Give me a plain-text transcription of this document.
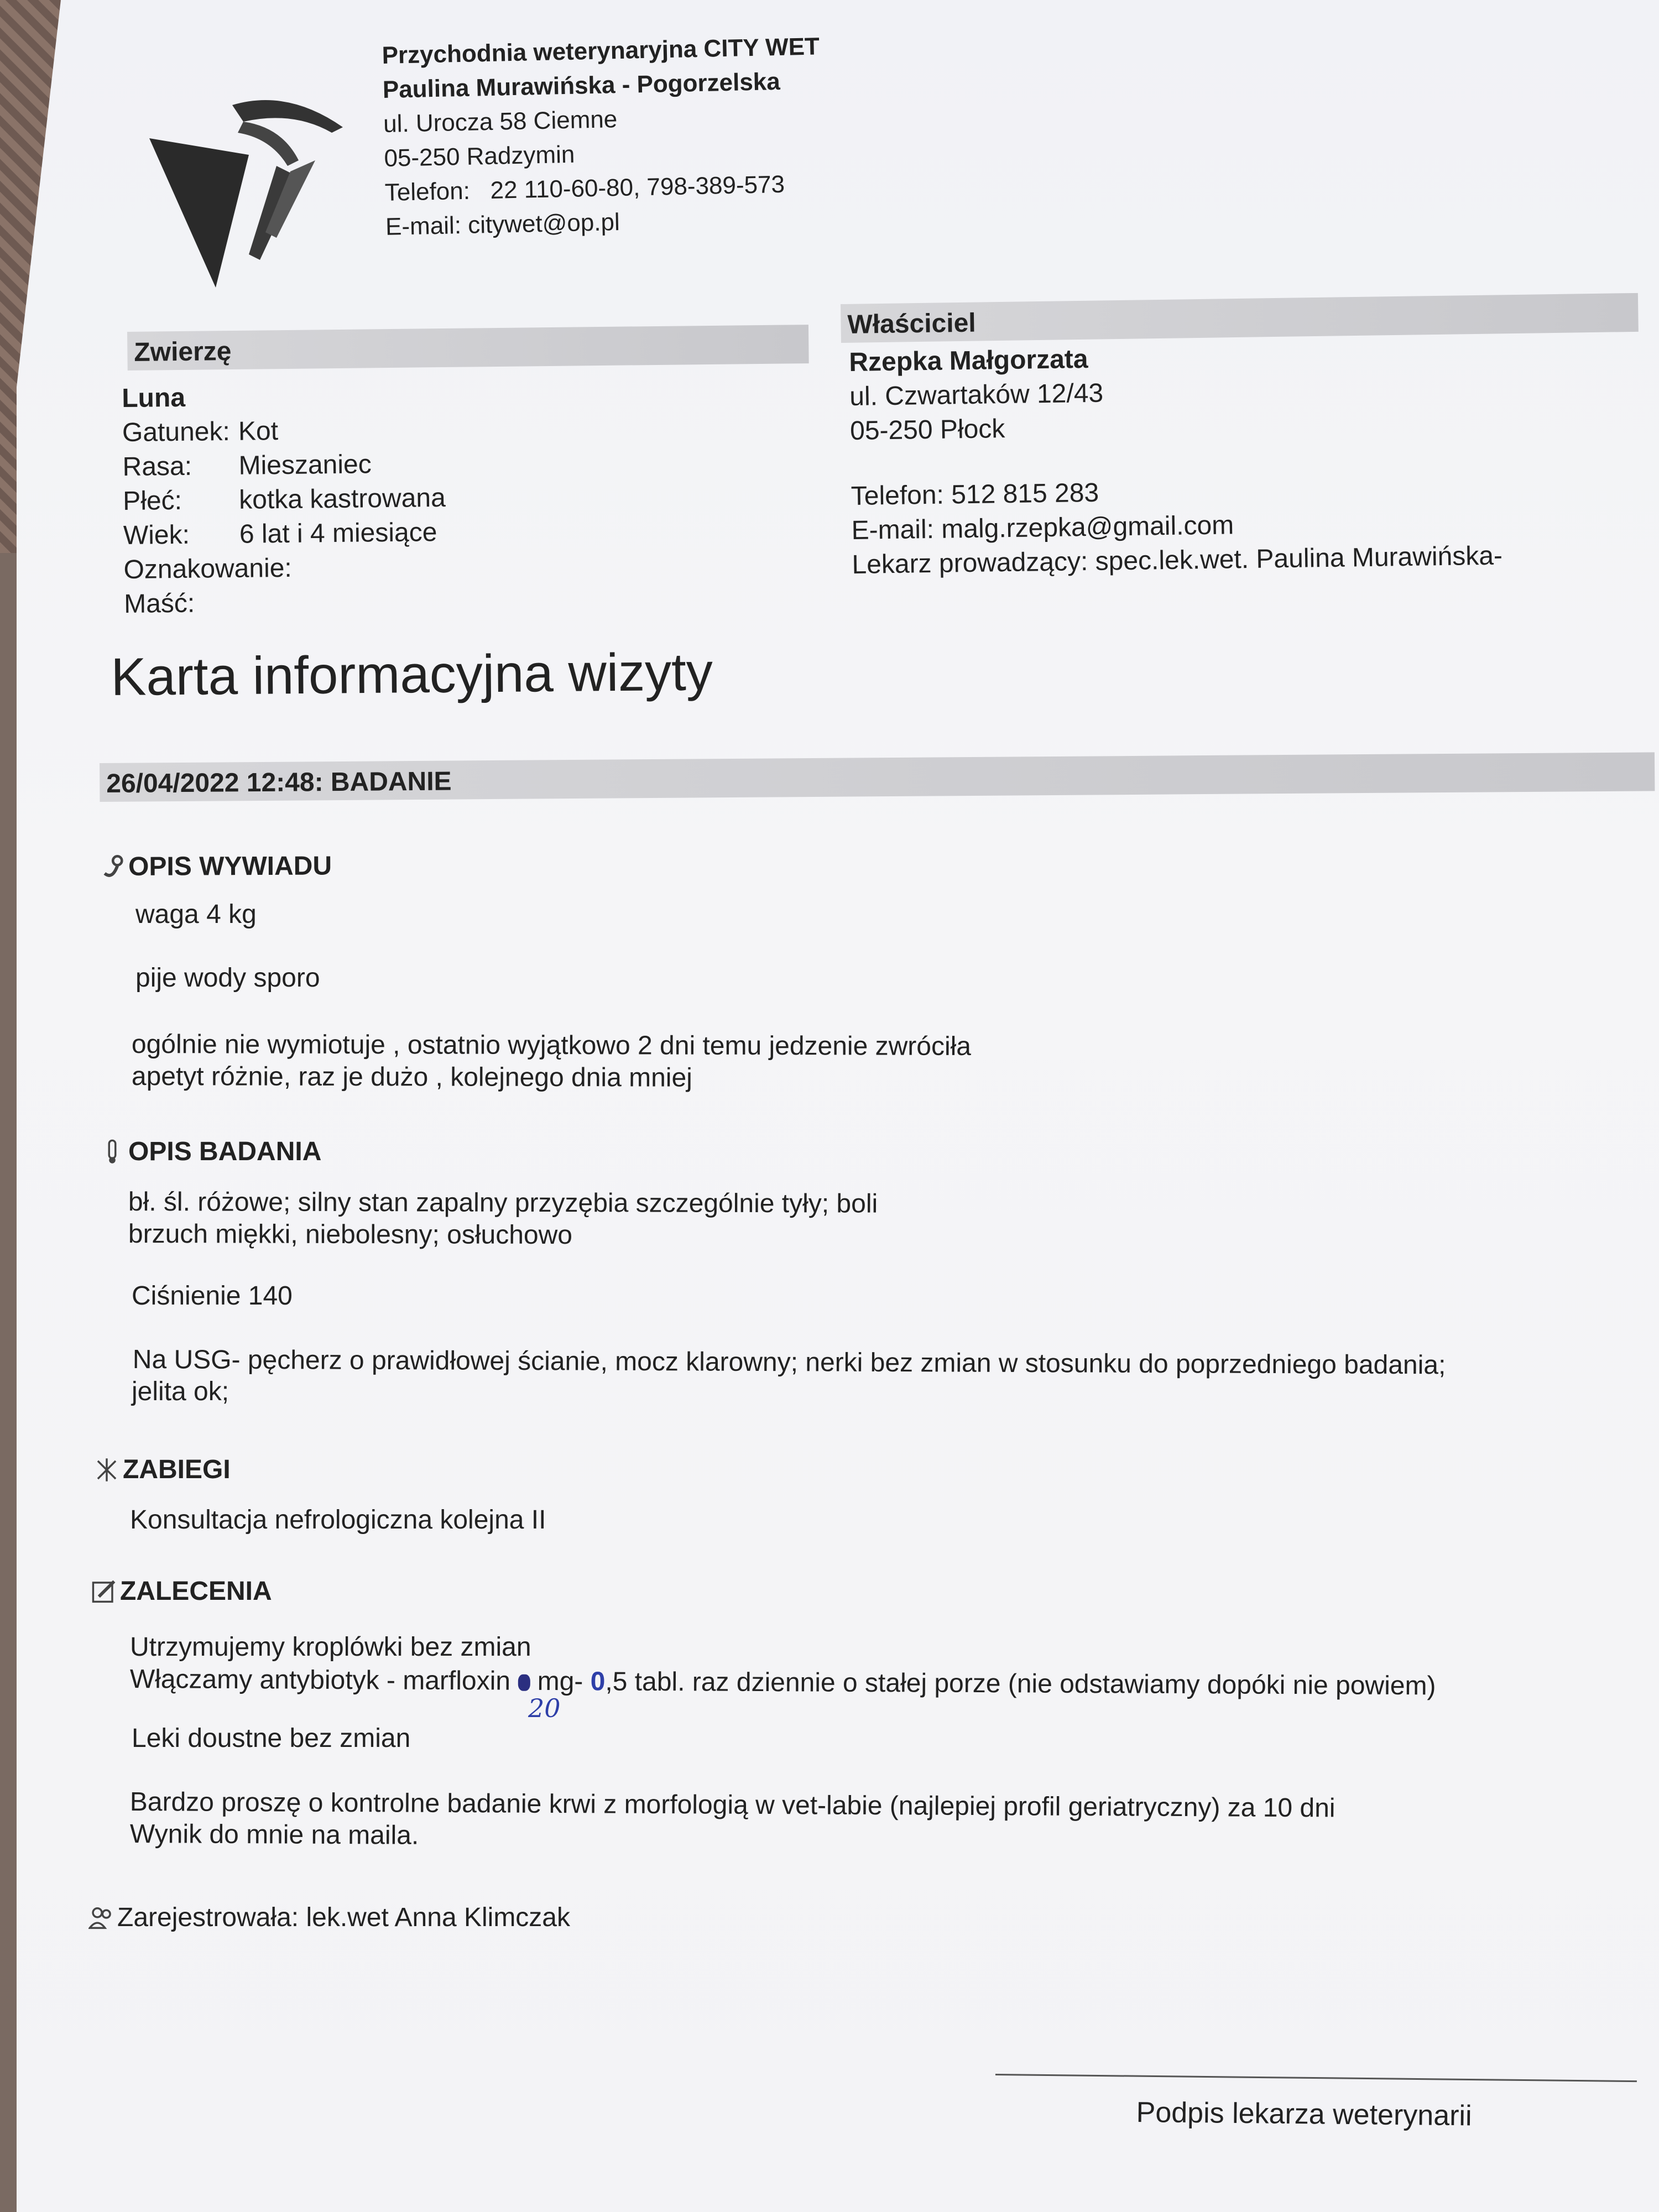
Przychodnia weterynaryjna CITY WET
Paulina Murawińska - Pogorzelska
ul. Urocza 58 Ciemne
05-250 Radzymin
Telefon: 22 110-60-80, 798-389-573
E-mail: citywet@op.pl
Zwierzę
Luna
Gatunek: Kot
Rasa:	Mieszaniec
Płeć:	kotka kastrowana
Wiek:	6 lat i 4 miesiące
Oznakowanie:
Maść:
Właściciel
Rzepka Małgorzata
ul. Czwartaków 12/43
05-250 Płock
Telefon: 512 815 283
E-mail: malg.rzepka@gmail.com
Lekarz prowadzący: spec.lek.wet. Paulina Murawińska-
Karta informacyjna wizyty
26/04/2022 12:48: BADANIE
OPIS WYWIADU
waga 4 kg
pije wody sporo
ogólnie nie wymiotuje , ostatnio wyjątkowo 2 dni temu jedzenie zwróciła
apetyt różnie, raz je dużo , kolejnego dnia mniej
OPIS BADANIA
bł. śl. różowe; silny stan zapalny przyzębia szczególnie tyły; boli
brzuch miękki, niebolesny; osłuchowo
Ciśnienie 140
Na USG- pęcherz o prawidłowej ścianie, mocz klarowny; nerki bez zmian w stosunku do poprzedniego badania;
jelita ok;
ZABIEGI
Konsultacja nefrologiczna kolejna II
ZALECENIA
Utrzymujemy kroplówki bez zmian
Włączamy antybiotyk - marfloxin  mg- 0,5 tabl. raz dziennie o stałej porze (nie odstawiamy dopóki nie powiem)
20
Leki doustne bez zmian
Bardzo proszę o kontrolne badanie krwi z morfologią w vet-labie (najlepiej profil geriatryczny) za 10 dni
Wynik do mnie na maila.
Zarejestrowała: lek.wet Anna Klimczak
Podpis lekarza weterynarii
